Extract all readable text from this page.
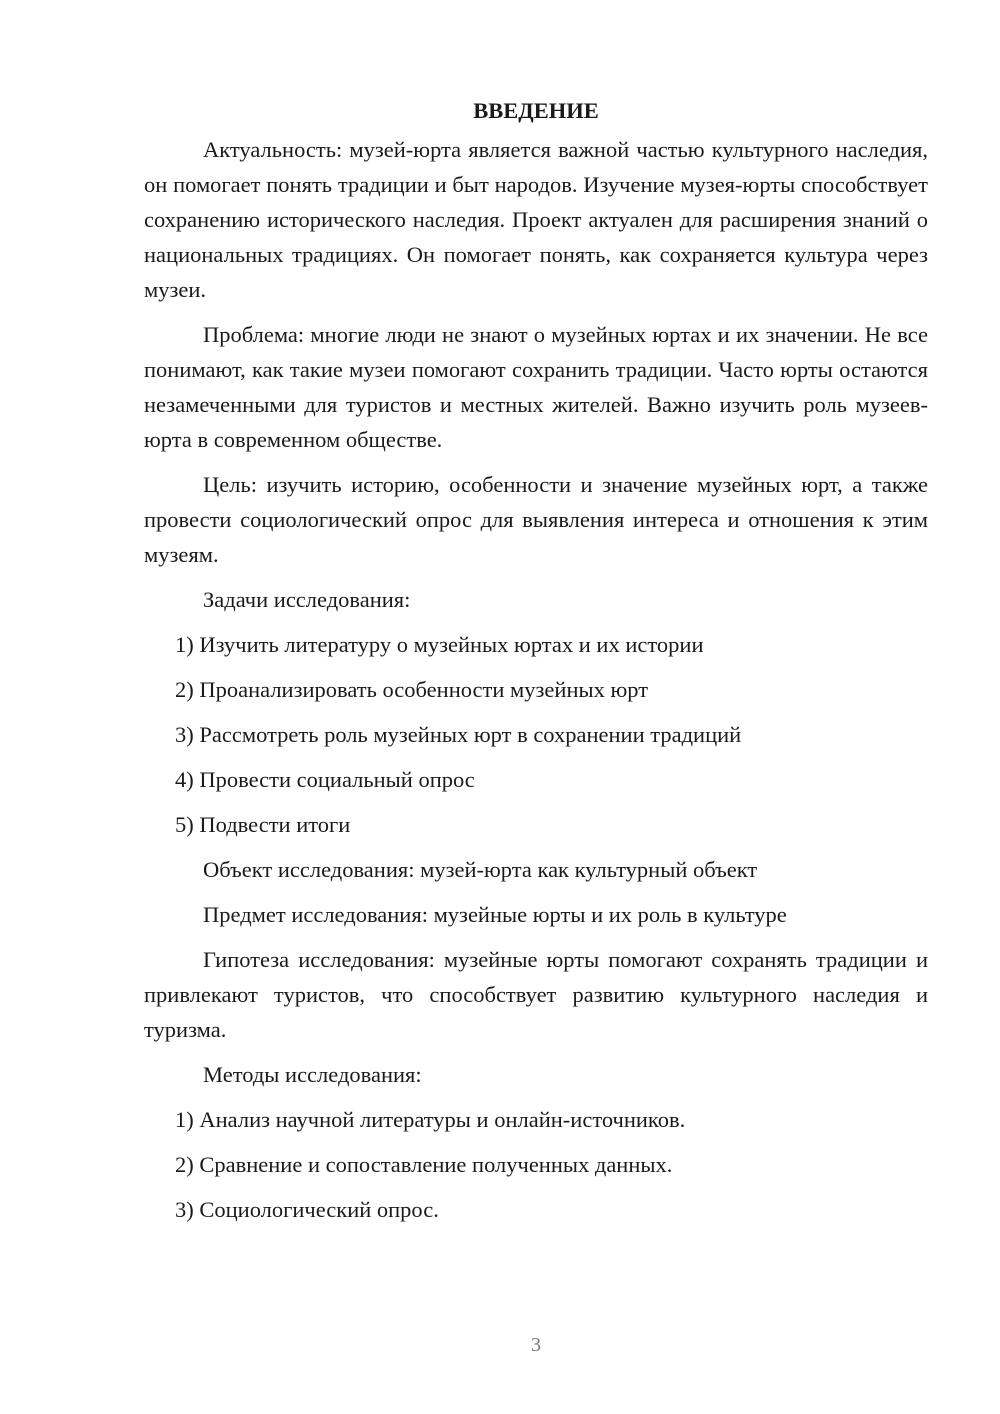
ВВЕДЕНИЕ

Актуальность: музей-юрта является важной частью культурного наследия, он помогает понять традиции и быт народов. Изучение музея-юрты способствует сохранению исторического наследия. Проект актуален для расширения знаний о национальных традициях. Он помогает понять, как сохраняется культура через музеи.

Проблема: многие люди не знают о музейных юртах и их значении. Не все понимают, как такие музеи помогают сохранить традиции. Часто юрты остаются незамеченными для туристов и местных жителей. Важно изучить роль музеев-юрта в современном обществе.

Цель: изучить историю, особенности и значение музейных юрт, а также провести социологический опрос для выявления интереса и отношения к этим музеям.

Задачи исследования:

1) Изучить литературу о музейных юртах и их истории

2) Проанализировать особенности музейных юрт

3) Рассмотреть роль музейных юрт в сохранении традиций

4) Провести социальный опрос

5) Подвести итоги

Объект исследования: музей-юрта как культурный объект

Предмет исследования: музейные юрты и их роль в культуре

Гипотеза исследования: музейные юрты помогают сохранять традиции и привлекают туристов, что способствует развитию культурного наследия и туризма.

Методы исследования:

1) Анализ научной литературы и онлайн-источников.

2) Сравнение и сопоставление полученных данных.

3) Социологический опрос.

3
